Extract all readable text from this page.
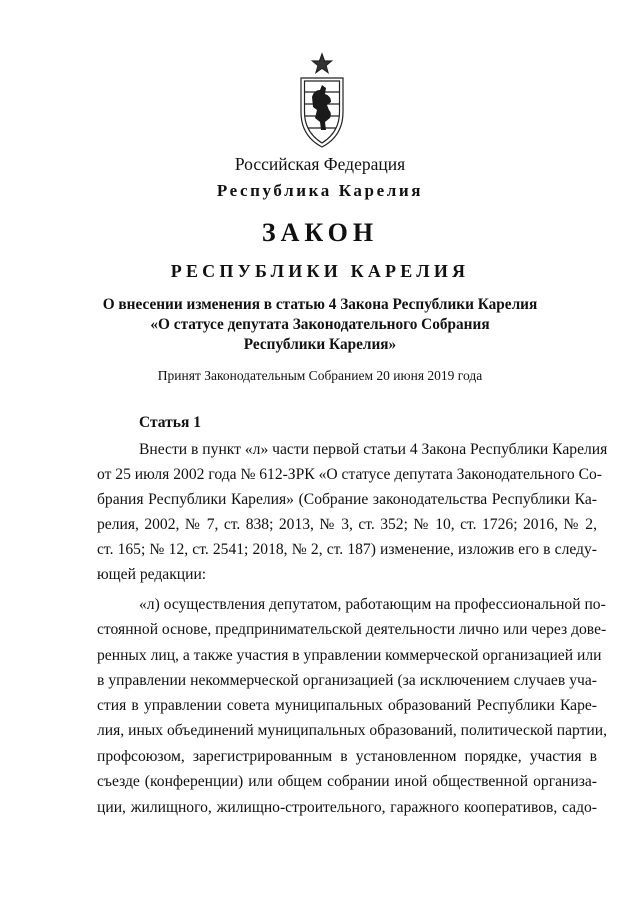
Российская Федерация
Республика Карелия
ЗАКОН
РЕСПУБЛИКИ КАРЕЛИЯ
О внесении изменения в статью 4 Закона Республики Карелия
«О статусе депутата Законодательного Собрания
Республики Карелия»
Принят Законодательным Собранием 20 июня 2019 года
Статья 1
Внести в пункт «л» части первой статьи 4 Закона Республики Карелия
от 25 июля 2002 года № 612-ЗРК «О статусе депутата Законодательного Со-
брания Республики Карелия» (Собрание законодательства Республики Ка-
релия, 2002, № 7, ст. 838; 2013, № 3, ст. 352; № 10, ст. 1726; 2016, № 2,
ст. 165; № 12, ст. 2541; 2018, № 2, ст. 187) изменение, изложив его в следу-
ющей редакции:
«л) осуществления депутатом, работающим на профессиональной по-
стоянной основе, предпринимательской деятельности лично или через дове-
ренных лиц, а также участия в управлении коммерческой организацией или
в управлении некоммерческой организацией (за исключением случаев уча-
стия в управлении совета муниципальных образований Республики Каре-
лия, иных объединений муниципальных образований, политической партии,
профсоюзом, зарегистрированным в установленном порядке, участия в
съезде (конференции) или общем собрании иной общественной организа-
ции, жилищного, жилищно-строительного, гаражного кооперативов, садо-
